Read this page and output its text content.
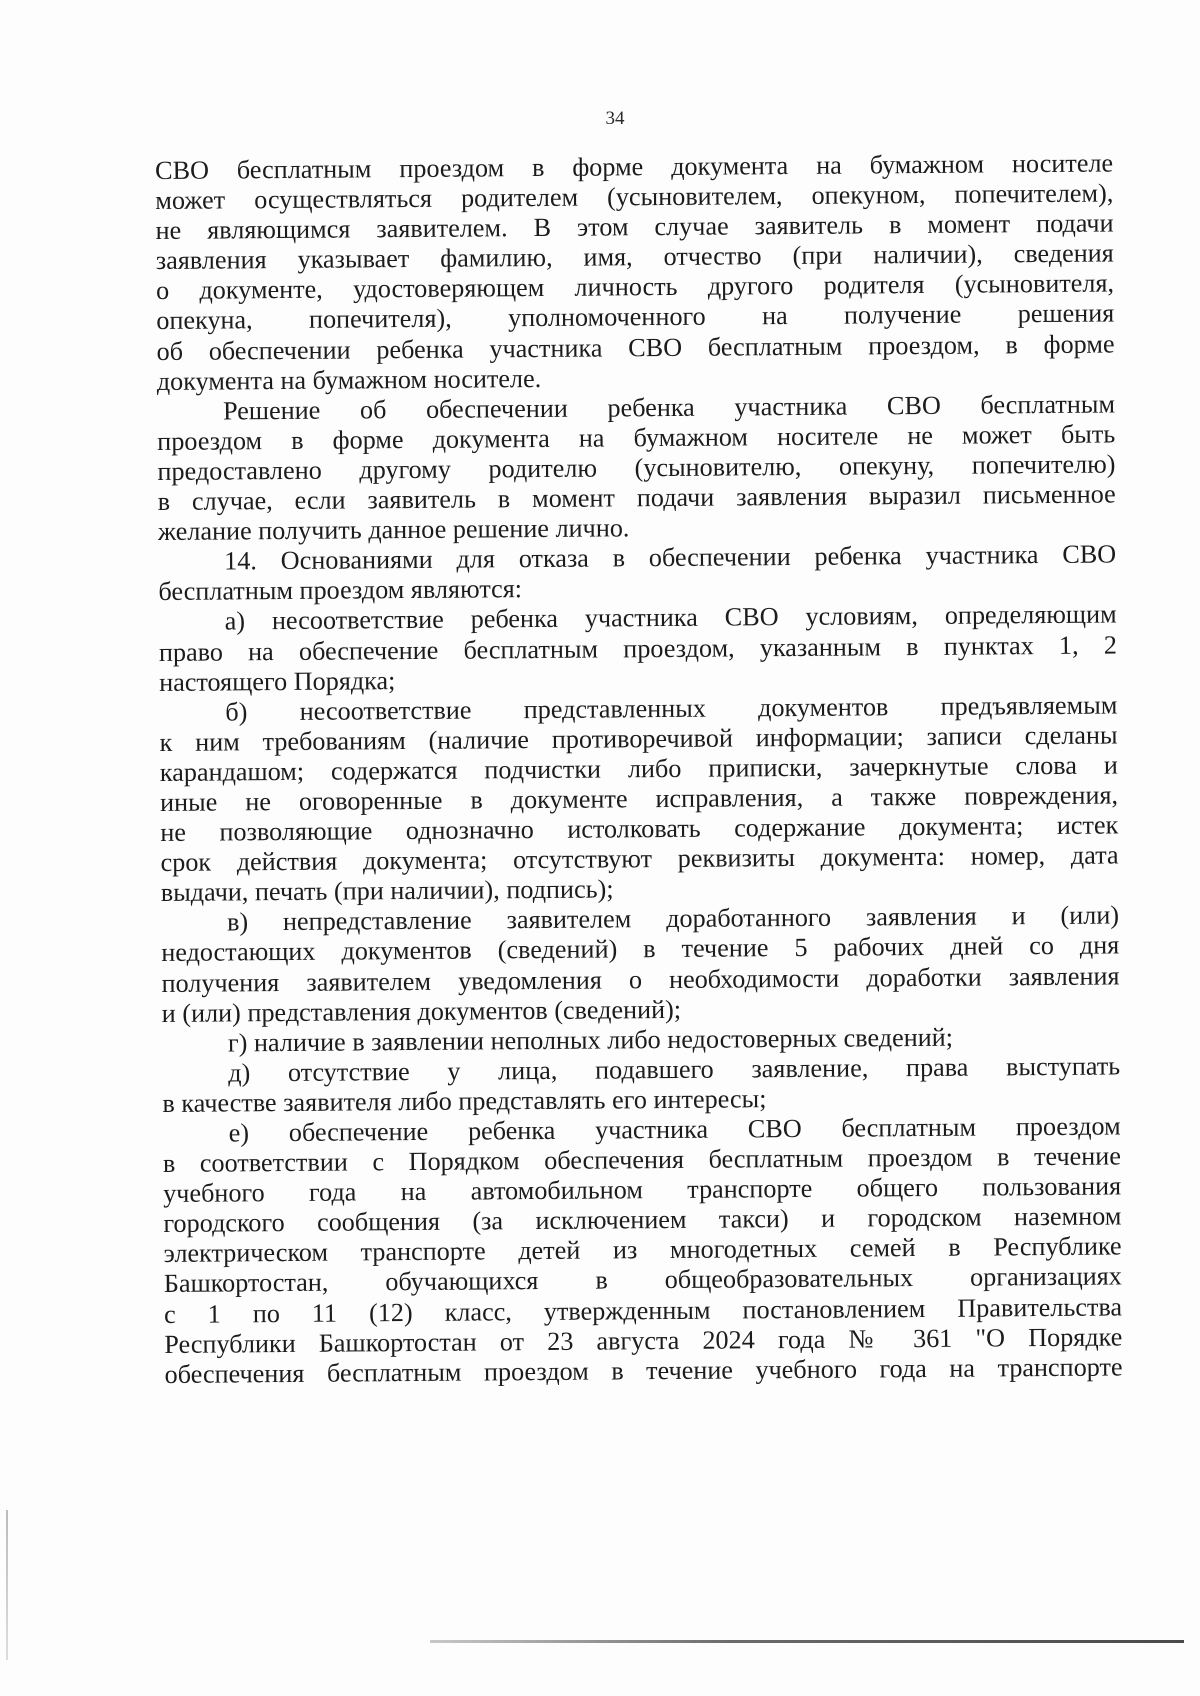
34

СВО бесплатным проездом в форме документа на бумажном носителе

может осуществляться родителем (усыновителем, опекуном, попечителем),

не являющимся заявителем. В этом случае заявитель в момент подачи

заявления указывает фамилию, имя, отчество (при наличии), сведения

о документе, удостоверяющем личность другого родителя (усыновителя,

опекуна, попечителя), уполномоченного на получение решения

об обеспечении ребенка участника СВО бесплатным проездом, в форме

документа на бумажном носителе.

Решение об обеспечении ребенка участника СВО бесплатным

проездом в форме документа на бумажном носителе не может быть

предоставлено другому родителю (усыновителю, опекуну, попечителю)

в случае, если заявитель в момент подачи заявления выразил письменное

желание получить данное решение лично.

14. Основаниями для отказа в обеспечении ребенка участника СВО

бесплатным проездом являются:

а) несоответствие ребенка участника СВО условиям, определяющим

право на обеспечение бесплатным проездом, указанным в пунктах 1, 2

настоящего Порядка;

б) несоответствие представленных документов предъявляемым

к ним требованиям (наличие противоречивой информации; записи сделаны

карандашом; содержатся подчистки либо приписки, зачеркнутые слова и

иные не оговоренные в документе исправления, а также повреждения,

не позволяющие однозначно истолковать содержание документа; истек

срок действия документа; отсутствуют реквизиты документа: номер, дата

выдачи, печать (при наличии), подпись);

в) непредставление заявителем доработанного заявления и (или)

недостающих документов (сведений) в течение 5 рабочих дней со дня

получения заявителем уведомления о необходимости доработки заявления

и (или) представления документов (сведений);

г) наличие в заявлении неполных либо недостоверных сведений;

д) отсутствие у лица, подавшего заявление, права выступать

в качестве заявителя либо представлять его интересы;

е) обеспечение ребенка участника СВО бесплатным проездом

в соответствии с Порядком обеспечения бесплатным проездом в течение

учебного года на автомобильном транспорте общего пользования

городского сообщения (за исключением такси) и городском наземном

электрическом транспорте детей из многодетных семей в Республике

Башкортостан, обучающихся в общеобразовательных организациях

с 1 по 11 (12) класс, утвержденным постановлением Правительства

Республики Башкортостан от 23 августа 2024 года № 361 "О Порядке

обеспечения бесплатным проездом в течение учебного года на транспорте
